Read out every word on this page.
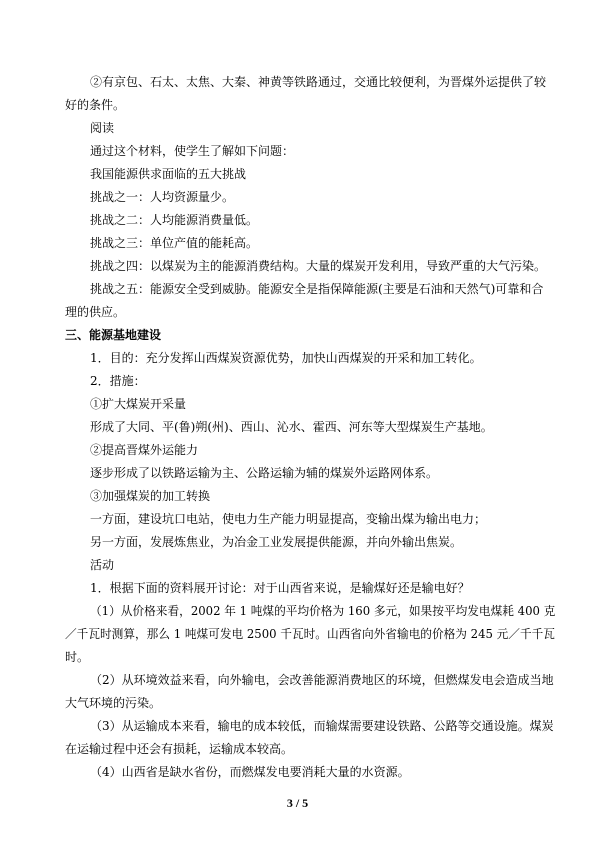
②有京包、石太、太焦、大秦、神黄等铁路通过，交通比较便利，为晋煤外运提供了较
好的条件。
阅读
通过这个材料，使学生了解如下问题：
我国能源供求面临的五大挑战
挑战之一：人均资源量少。
挑战之二：人均能源消费量低。
挑战之三：单位产值的能耗高。
挑战之四：以煤炭为主的能源消费结构。大量的煤炭开发利用，导致严重的大气污染。
挑战之五：能源安全受到威胁。能源安全是指保障能源(主要是石油和天然气)可靠和合
理的供应。
三、能源基地建设
1．目的：充分发挥山西煤炭资源优势，加快山西煤炭的开采和加工转化。
2．措施：
①扩大煤炭开采量
形成了大同、平(鲁)朔(州)、西山、沁水、霍西、河东等大型煤炭生产基地。
②提高晋煤外运能力
逐步形成了以铁路运输为主、公路运输为辅的煤炭外运路网体系。
③加强煤炭的加工转换
一方面，建设坑口电站，使电力生产能力明显提高，变输出煤为输出电力；
另一方面，发展炼焦业，为冶金工业发展提供能源，并向外输出焦炭。
活动
1．根据下面的资料展开讨论：对于山西省来说，是输煤好还是输电好？
（1）从价格来看，2002 年 1 吨煤的平均价格为 160 多元，如果按平均发电煤耗 400 克
／千瓦时测算，那么 1 吨煤可发电 2500 千瓦时。山西省向外省输电的价格为 245 元／千千瓦
时。
（2）从环境效益来看，向外输电，会改善能源消费地区的环境，但燃煤发电会造成当地
大气环境的污染。
（3）从运输成本来看，输电的成本较低，而输煤需要建设铁路、公路等交通设施。煤炭
在运输过程中还会有损耗，运输成本较高。
（4）山西省是缺水省份，而燃煤发电要消耗大量的水资源。
3 / 5
